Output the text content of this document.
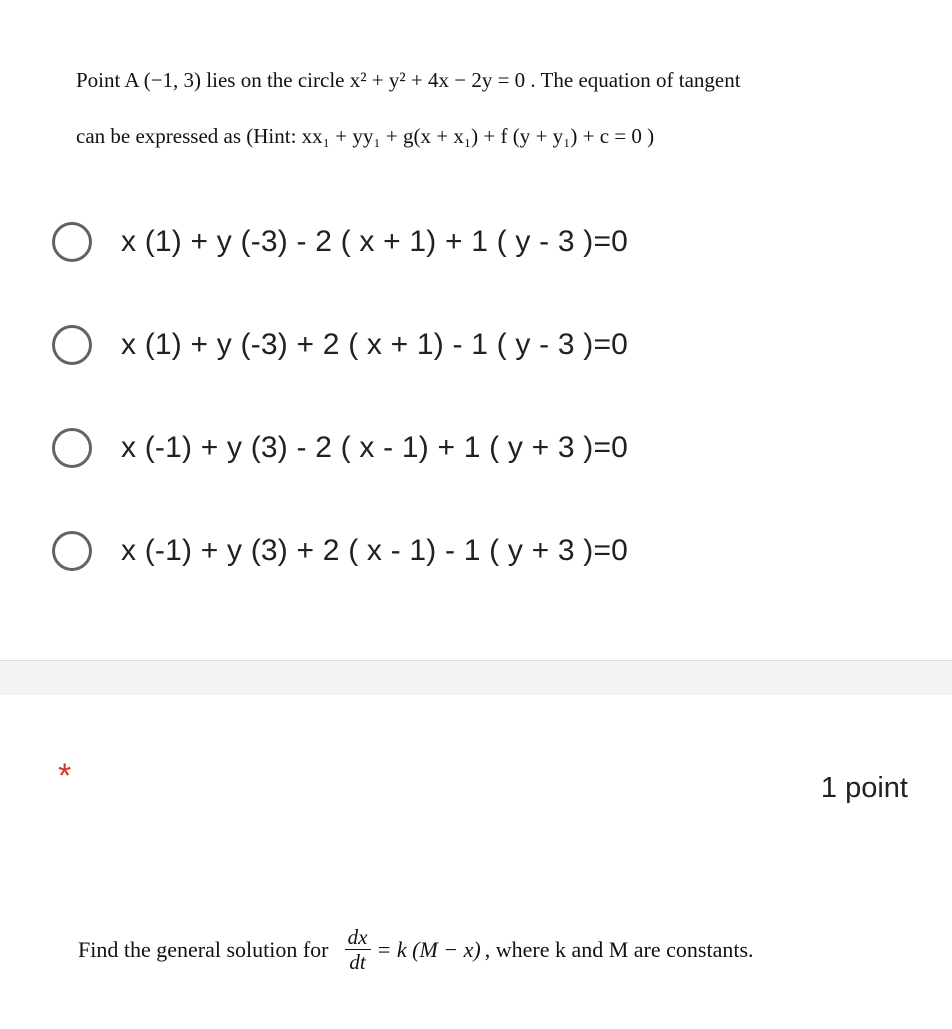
Point A (−1, 3) lies on the circle x² + y² + 4x − 2y = 0 . The equation of tangent
can be expressed as (Hint: xx₁ + yy₁ + g(x + x₁) + f (y + y₁) + c = 0 )
x (1) + y (-3) - 2 ( x + 1) + 1 ( y - 3 )=0
x (1) + y (-3) + 2 ( x + 1) - 1 ( y - 3 )=0
x (-1) + y (3) - 2 ( x - 1) + 1 ( y + 3 )=0
x (-1) + y (3) + 2 ( x - 1) - 1 ( y + 3 )=0
*	1 point
Find the general solution for $\frac{dx}{dt} = k$ (M − x) , where k and M are constants.
